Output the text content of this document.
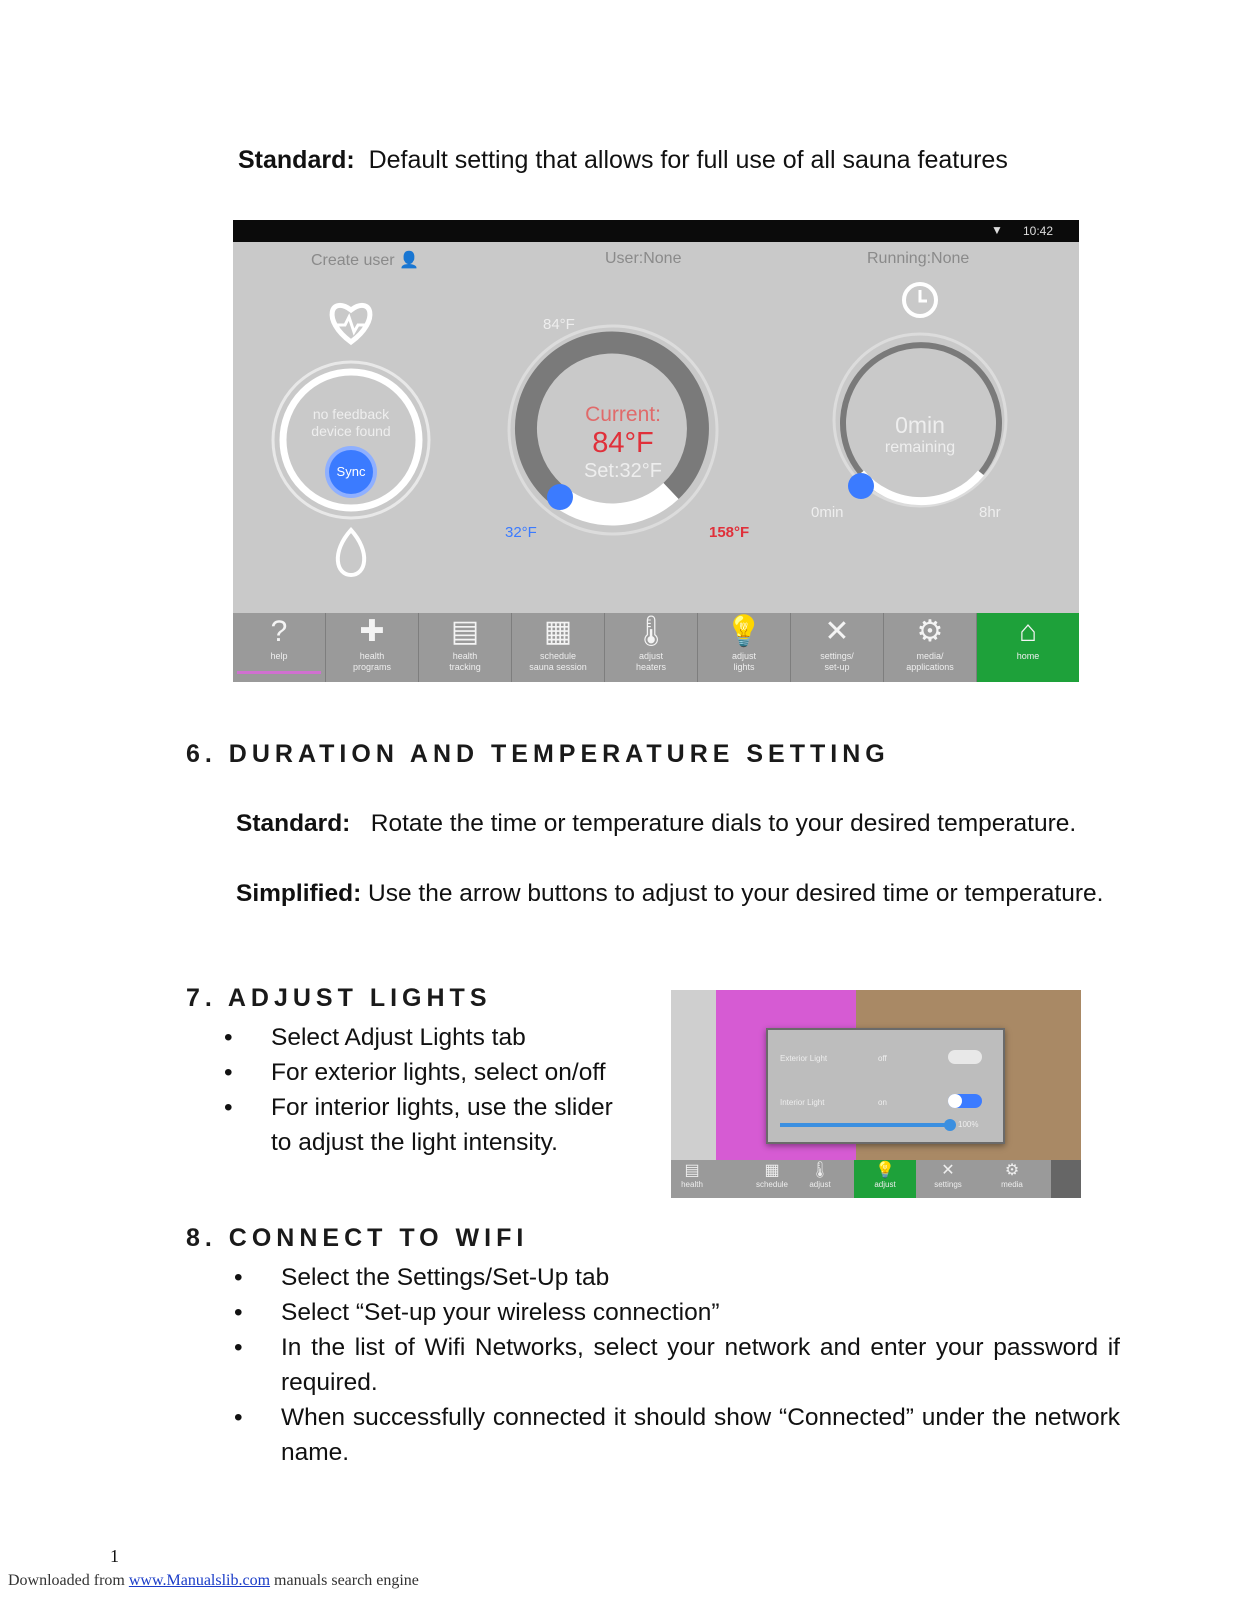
Standard: Default setting that allows for full use of all sauna features
▼ 10:42
Create user 👤	User:None	Running:None
no feedback
device found
Sync
84°F
Current:
84°F
Set:32°F
32°F	158°F
0min
remaining
0min	8hr
?
help
✚
health
programs
▤
health
tracking
▦
schedule
sauna session
🌡
adjust
heaters
💡
adjust
lights
✕
settings/
set-up
⚙
media/
applications
⌂
home
6. DURATION AND TEMPERATURE SETTING
Standard: Rotate the time or temperature dials to your desired temperature.
Simplified: Use the arrow buttons to adjust to your desired time or temperature.
7. ADJUST LIGHTS
• Select Adjust Lights tab
• For exterior lights, select on/off
• For interior lights, use the slider
to adjust the light intensity.
Exterior Light	off
Interior Light	on
100%
▤
health
▦
schedule
🌡
adjust
💡
adjust
✕
settings
⚙
media
8. CONNECT TO WIFI
• Select the Settings/Set-Up tab
• Select “Set-up your wireless connection”
• In the list of Wifi Networks, select your network and enter your password if required.
• When successfully connected it should show “Connected” under the network name.
1
Downloaded from www.Manualslib.com manuals search engine
